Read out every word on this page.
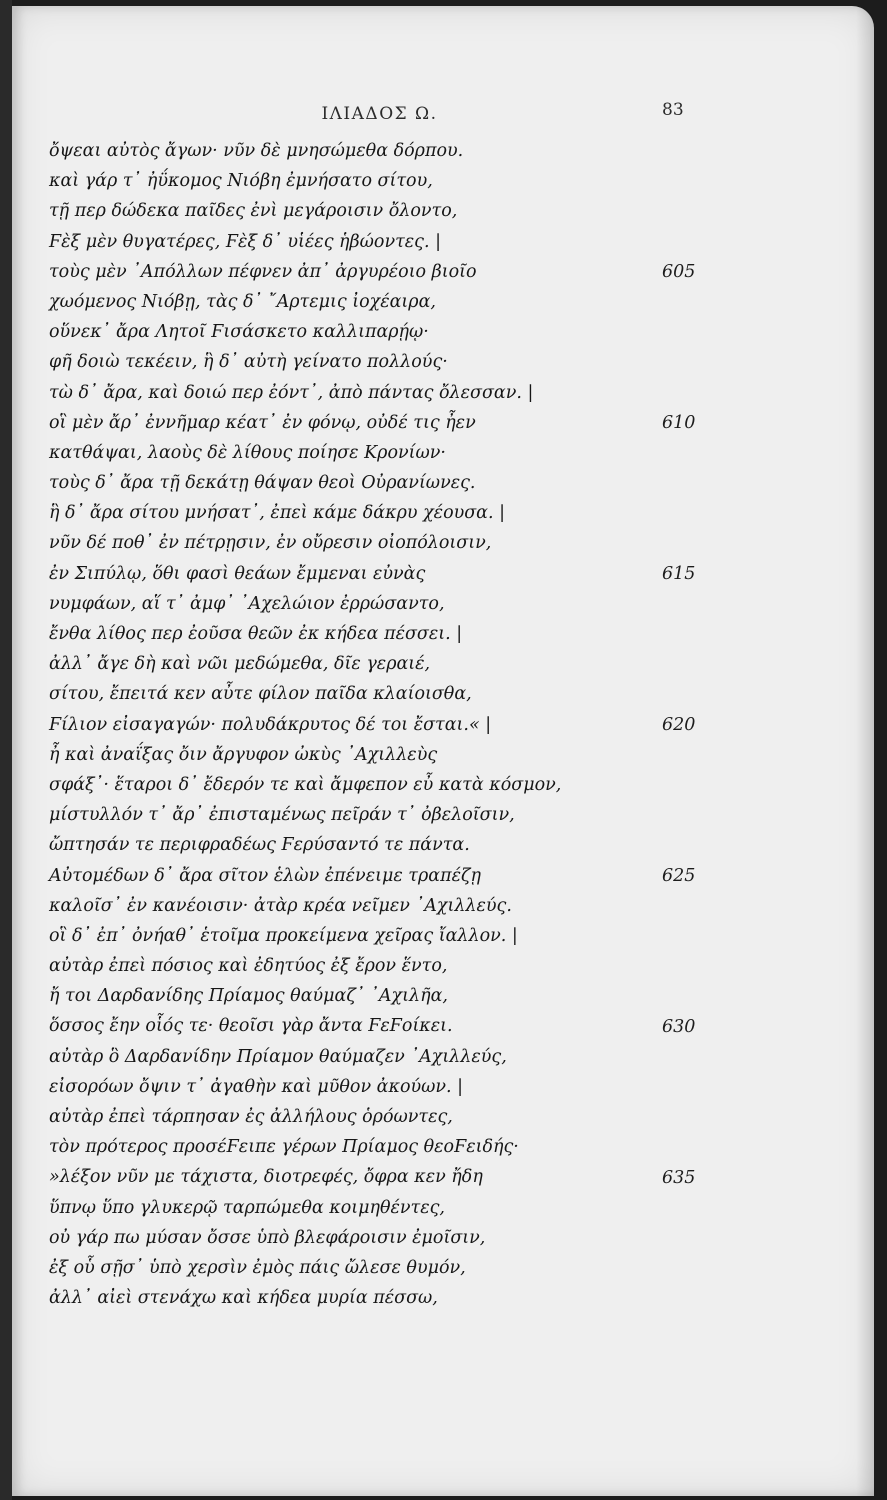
ΙΛΙΑΔΟΣ Ω.	83
ὄψεαι αὐτὸς ἄγων· νῦν δὲ μνησώμεθα δόρπου.
καὶ γάρ τ᾽ ἠΰκομος Νιόβη ἐμνήσατο σίτου,
τῇ περ δώδεκα παῖδες ἐνὶ μεγάροισιν ὄλοντο,
Ϝὲξ μὲν θυγατέρες, Ϝὲξ δ᾽ υἱέες ἡβώοντες. |
τοὺς μὲν ᾿Απόλλων πέφνεν ἀπ᾽ ἀργυρέοιο βιοῖο
χωόμενος Νιόβῃ, τὰς δ᾽ ῎Αρτεμις ἰοχέαιρα,
οὕνεκ᾽ ἄρα Λητοῖ Ϝισάσκετο καλλιπαρῄῳ·
φῆ δοιὼ τεκέειν, ἣ δ᾽ αὐτὴ γείνατο πολλούς·
τὼ δ᾽ ἄρα, καὶ δοιώ περ ἐόντ᾽, ἀπὸ πάντας ὄλεσσαν. |
οἳ μὲν ἄρ᾽ ἐννῆμαρ κέατ᾽ ἐν φόνῳ, οὐδέ τις ἦεν
κατθάψαι, λαοὺς δὲ λίθους ποίησε Κρονίων·
τοὺς δ᾽ ἄρα τῇ δεκάτῃ θάψαν θεοὶ Οὐρανίωνες.
ἣ δ᾽ ἄρα σίτου μνήσατ᾽, ἐπεὶ κάμε δάκρυ χέουσα. |
νῦν δέ ποθ᾽ ἐν πέτρῃσιν, ἐν οὔρεσιν οἰοπόλοισιν,
ἐν Σιπύλῳ, ὅθι φασὶ θεάων ἔμμεναι εὐνὰς
νυμφάων, αἵ τ᾽ ἀμφ᾽ ᾿Αχελώιον ἐρρώσαντο,
ἔνθα λίθος περ ἐοῦσα θεῶν ἐκ κήδεα πέσσει. |
ἀλλ᾽ ἄγε δὴ καὶ νῶι μεδώμεθα, δῖε γεραιέ,
σίτου, ἔπειτά κεν αὖτε φίλον παῖδα κλαίοισθα,
Ϝίλιον εἰσαγαγών· πολυδάκρυτος δέ τοι ἔσται.« |
ἦ καὶ ἀναΐξας ὄιν ἄργυφον ὠκὺς ᾿Αχιλλεὺς
σφάξ᾽· ἕταροι δ᾽ ἔδερόν τε καὶ ἄμφεπον εὖ κατὰ κόσμον,
μίστυλλόν τ᾽ ἄρ᾽ ἐπισταμένως πεῖράν τ᾽ ὀβελοῖσιν,
ὤπτησάν τε περιφραδέως Ϝερύσαντό τε πάντα.
Αὐτομέδων δ᾽ ἄρα σῖτον ἑλὼν ἐπένειμε τραπέζῃ
καλοῖσ᾽ ἐν κανέοισιν· ἀτὰρ κρέα νεῖμεν ᾿Αχιλλεύς.
οἳ δ᾽ ἐπ᾽ ὀνήαθ᾽ ἑτοῖμα προκείμενα χεῖρας ἴαλλον. |
αὐτὰρ ἐπεὶ πόσιος καὶ ἐδητύος ἐξ ἔρον ἕντο,
ἤ τοι Δαρδανίδης Πρίαμος θαύμαζ᾽ ᾿Αχιλῆα,
ὅσσος ἔην οἷός τε· θεοῖσι γὰρ ἄντα ϜεϜοίκει.
αὐτὰρ ὃ Δαρδανίδην Πρίαμον θαύμαζεν ᾿Αχιλλεύς,
εἰσορόων ὄψιν τ᾽ ἀγαθὴν καὶ μῦθον ἀκούων. |
αὐτὰρ ἐπεὶ τάρπησαν ἐς ἀλλήλους ὁρόωντες,
τὸν πρότερος προσέϜειπε γέρων Πρίαμος θεοϜειδής·
»λέξον νῦν με τάχιστα, διοτρεφές, ὄφρα κεν ἤδη
ὕπνῳ ὕπο γλυκερῷ ταρπώμεθα κοιμηθέντες,
οὐ γάρ πω μύσαν ὄσσε ὑπὸ βλεφάροισιν ἐμοῖσιν,
ἐξ οὗ σῇσ᾽ ὑπὸ χερσὶν ἐμὸς πάις ὤλεσε θυμόν,
ἀλλ᾽ αἰεὶ στενάχω καὶ κήδεα μυρία πέσσω,
605
610
615
620
625
630
635
